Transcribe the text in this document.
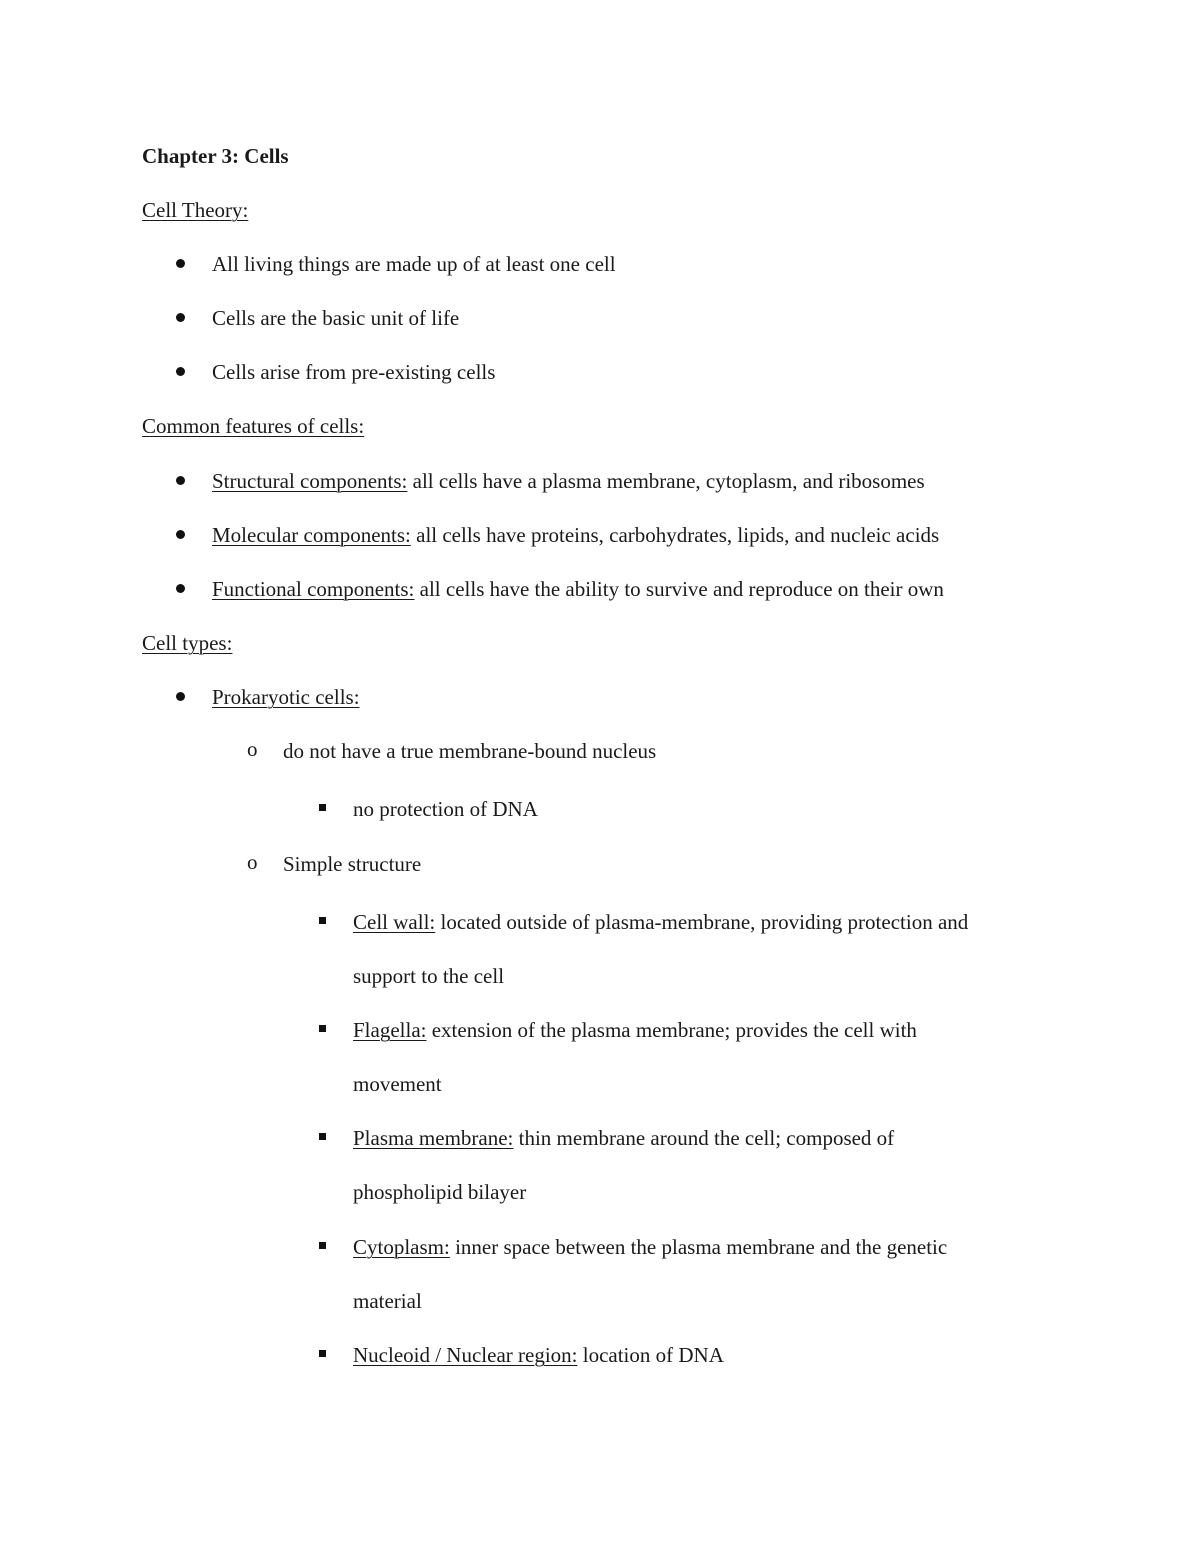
Chapter 3: Cells
Cell Theory:
All living things are made up of at least one cell
Cells are the basic unit of life
Cells arise from pre-existing cells
Common features of cells:
Structural components: all cells have a plasma membrane, cytoplasm, and ribosomes
Molecular components: all cells have proteins, carbohydrates, lipids, and nucleic acids
Functional components: all cells have the ability to survive and reproduce on their own
Cell types:
Prokaryotic cells:
o do not have a true membrane-bound nucleus
no protection of DNA
o Simple structure
Cell wall: located outside of plasma-membrane, providing protection and
support to the cell
Flagella: extension of the plasma membrane; provides the cell with
movement
Plasma membrane: thin membrane around the cell; composed of
phospholipid bilayer
Cytoplasm: inner space between the plasma membrane and the genetic
material
Nucleoid / Nuclear region: location of DNA
